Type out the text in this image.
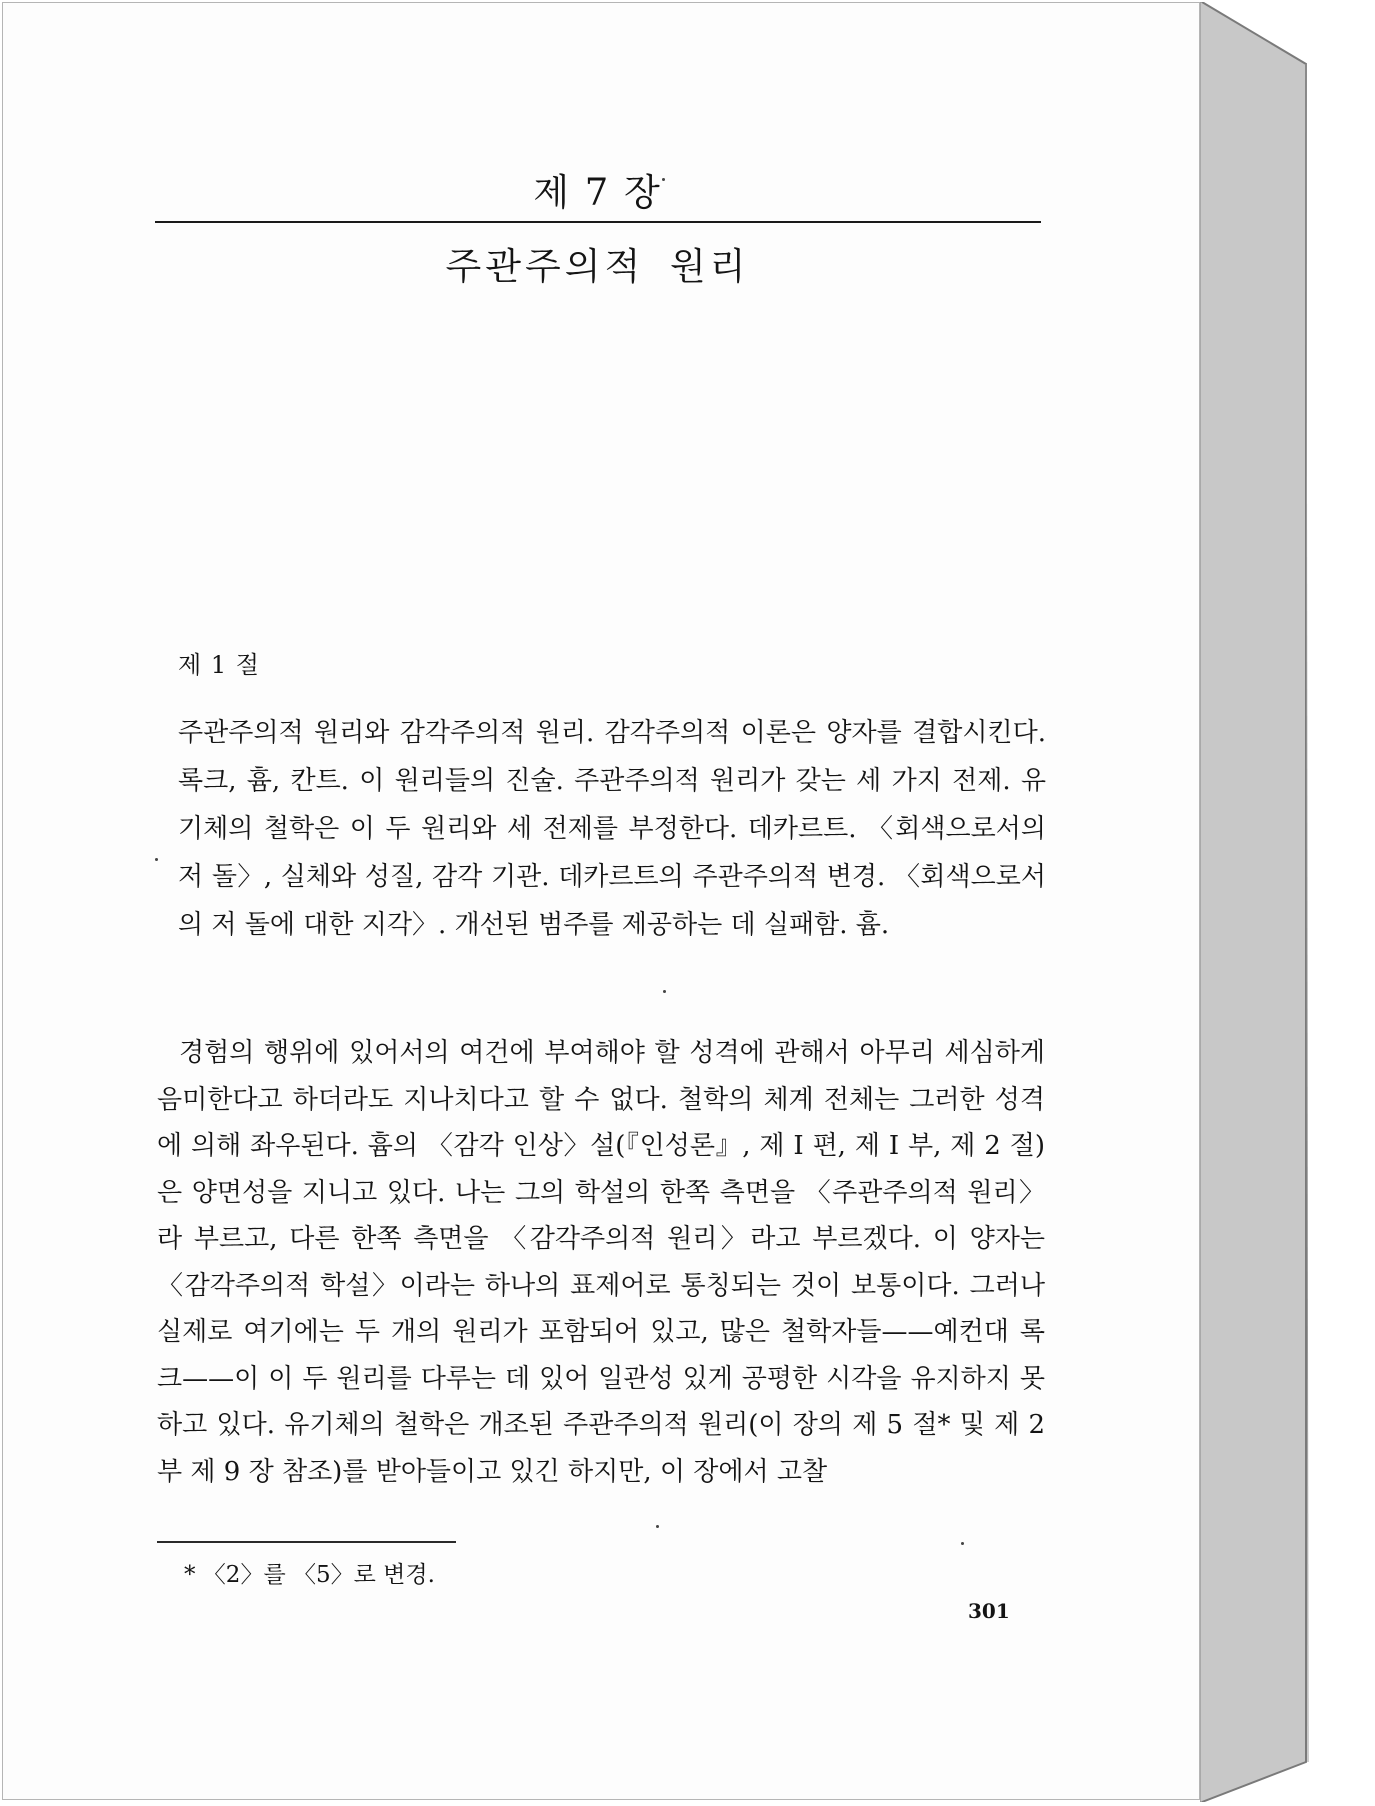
제 7 장
주관주의적 원리
제 1 절

주관주의적 원리와 감각주의적 원리. 감각주의적 이론은 양자를 결합시킨다. 록크, 흄, 칸트. 이 원리들의 진술. 주관주의적 원리가 갖는 세 가지 전제. 유기체의 철학은 이 두 원리와 세 전제를 부정한다. 데카르트. 〈회색으로서의 저 돌〉, 실체와 성질, 감각 기관. 데카르트의 주관주의적 변경. 〈회색으로서의 저 돌에 대한 지각〉. 개선된 범주를 제공하는 데 실패함. 흄.

경험의 행위에 있어서의 여건에 부여해야 할 성격에 관해서 아무리 세심하게 음미한다고 하더라도 지나치다고 할 수 없다. 철학의 체계 전체는 그러한 성격에 의해 좌우된다. 흄의 〈감각 인상〉설(『인성론』, 제 I 편, 제 I 부, 제 2 절)은 양면성을 지니고 있다. 나는 그의 학설의 한쪽 측면을 〈주관주의적 원리〉라 부르고, 다른 한쪽 측면을 〈감각주의적 원리〉라고 부르겠다. 이 양자는 〈감각주의적 학설〉이라는 하나의 표제어로 통칭되는 것이 보통이다. 그러나 실제로 여기에는 두 개의 원리가 포함되어 있고, 많은 철학자들——예컨대 록크——이 이 두 원리를 다루는 데 있어 일관성 있게 공평한 시각을 유지하지 못하고 있다. 유기체의 철학은 개조된 주관주의적 원리(이 장의 제 5 절* 및 제 2 부 제 9 장 참조)를 받아들이고 있긴 하지만, 이 장에서 고찰

* 〈2〉를 〈5〉로 변경.
301
